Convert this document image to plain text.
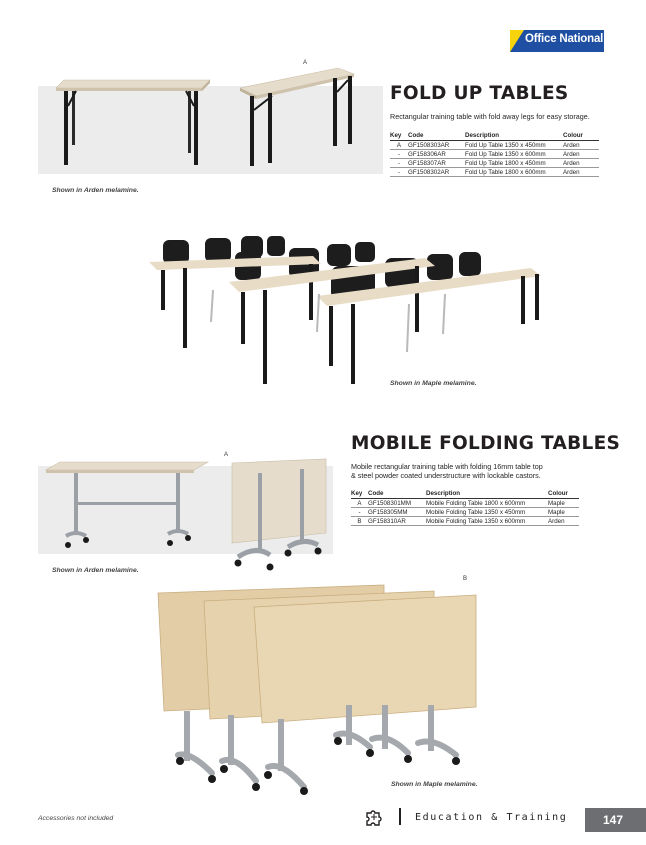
Office National
A
FOLD UP TABLES
Rectangular training table with fold away legs for easy storage.
Key	Code	Description	Colour
A	GF1508303AR	Fold Up Table 1350 x 450mm	Arden
-	GF158306AR	Fold Up Table 1350 x 600mm	Arden
-	GF158307AR	Fold Up Table 1800 x 450mm	Arden
-	GF1508302AR	Fold Up Table 1800 x 600mm	Arden
Shown in Arden melamine.
Shown in Maple melamine.
MOBILE FOLDING TABLES
Mobile rectangular training table with folding 16mm table top
& steel powder coated understructure with lockable castors.
Key	Code	Description	Colour
A	GF1508301MM	Mobile Folding Table 1800 x 600mm	Maple
-	GF158305MM	Mobile Folding Table 1350 x 450mm	Maple
B	GF158310AR	Mobile Folding Table 1350 x 600mm	Arden
A
Shown in Arden melamine.
B
Shown in Maple melamine.
Accessories not included	Education & Training	147
